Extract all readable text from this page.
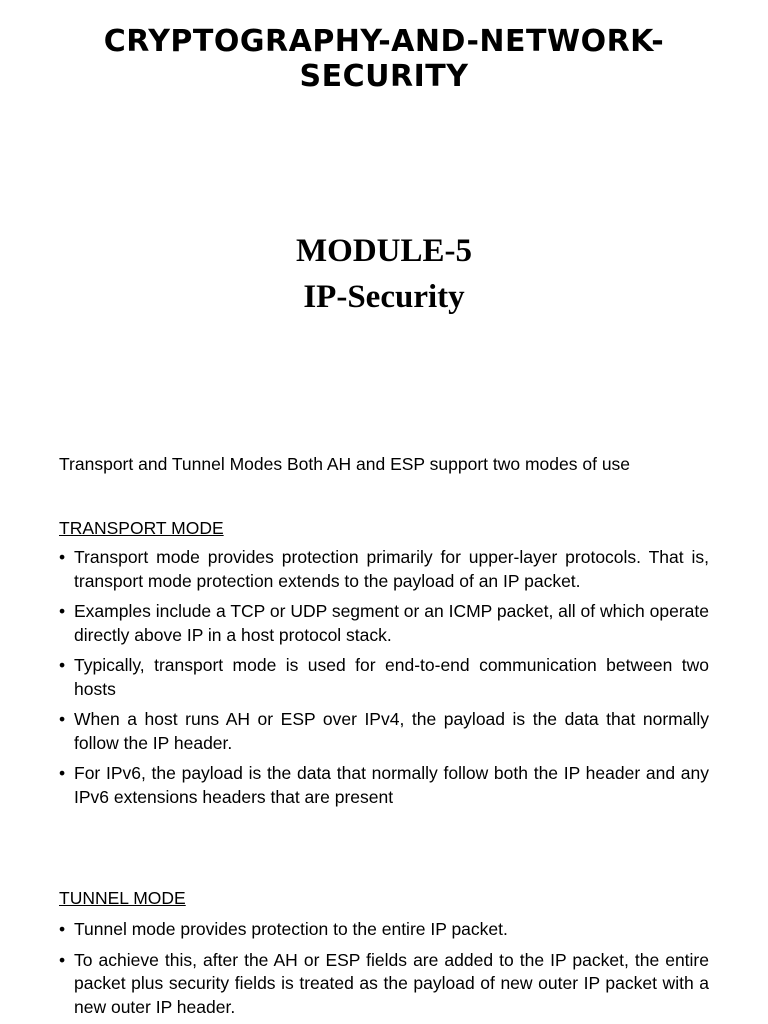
CRYPTOGRAPHY-AND-NETWORK-
SECURITY
MODULE-5
IP-Security
Transport and Tunnel Modes Both AH and ESP support two modes of use
TRANSPORT MODE
• Transport mode provides protection primarily for upper-layer protocols. That is, transport mode protection extends to the payload of an IP packet.
• Examples include a TCP or UDP segment or an ICMP packet, all of which operate directly above IP in a host protocol stack.
• Typically, transport mode is used for end-to-end communication between two hosts
• When a host runs AH or ESP over IPv4, the payload is the data that normally follow the IP header.
• For IPv6, the payload is the data that normally follow both the IP header and any IPv6 extensions headers that are present
TUNNEL MODE
• Tunnel mode provides protection to the entire IP packet.
• To achieve this, after the AH or ESP fields are added to the IP packet, the entire packet plus security fields is treated as the payload of new outer IP packet with a new outer IP header.
